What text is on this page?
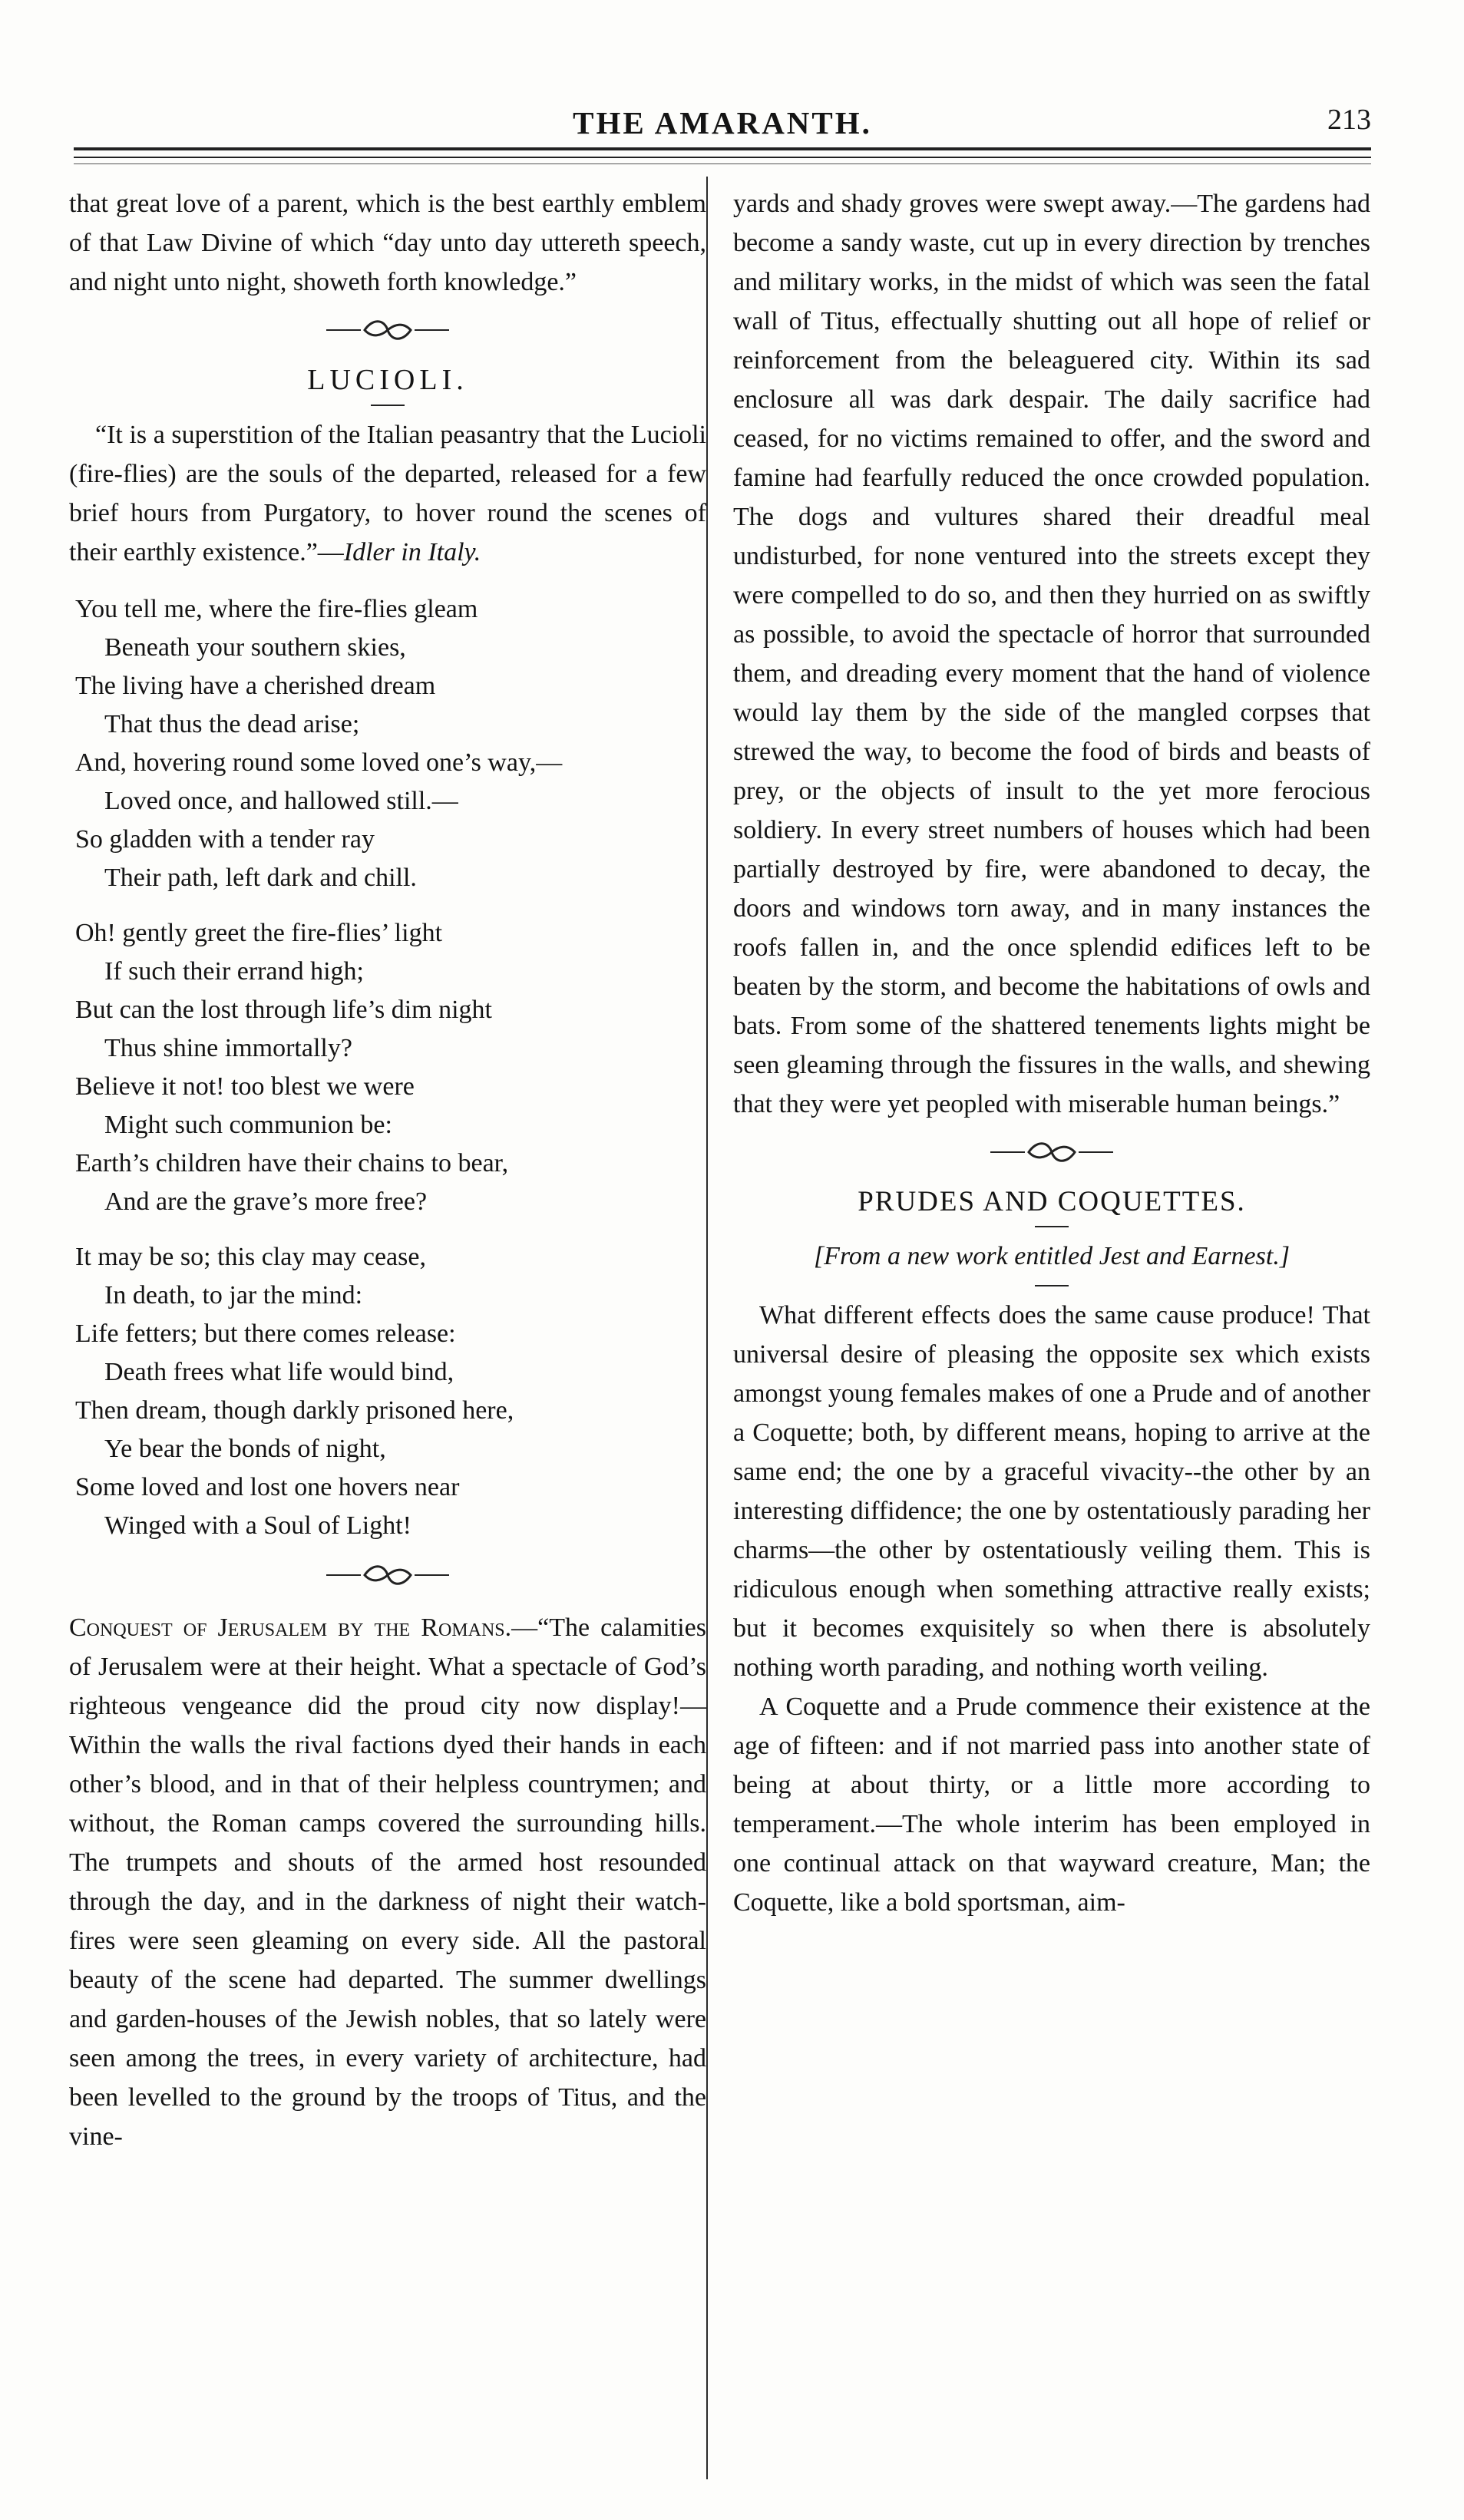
THE AMARANTH.	213

that great love of a parent, which is the best earthly emblem of that Law Divine of which “day unto day uttereth speech, and night unto night, showeth forth knowledge.”

LUCIOLI.

“It is a superstition of the Italian peasantry that the Lucioli (fire-flies) are the souls of the departed, released for a few brief hours from Purgatory, to hover round the scenes of their earthly existence.”—Idler in Italy.

You tell me, where the fire-flies gleam

Beneath your southern skies,

The living have a cherished dream

That thus the dead arise;

And, hovering round some loved one’s way,—

Loved once, and hallowed still.—

So gladden with a tender ray

Their path, left dark and chill.

Oh! gently greet the fire-flies’ light

If such their errand high;

But can the lost through life’s dim night

Thus shine immortally?

Believe it not! too blest we were

Might such communion be:

Earth’s children have their chains to bear,

And are the grave’s more free?

It may be so; this clay may cease,

In death, to jar the mind:

Life fetters; but there comes release:

Death frees what life would bind,

Then dream, though darkly prisoned here,

Ye bear the bonds of night,

Some loved and lost one hovers near

Winged with a Soul of Light!

Conquest of Jerusalem by the Romans.—“The calamities of Jerusalem were at their height. What a spectacle of God’s righteous vengeance did the proud city now display!—Within the walls the rival factions dyed their hands in each other’s blood, and in that of their helpless countrymen; and without, the Roman camps covered the surrounding hills. The trumpets and shouts of the armed host resounded through the day, and in the darkness of night their watch-fires were seen gleaming on every side. All the pastoral beauty of the scene had departed. The summer dwellings and garden-houses of the Jewish nobles, that so lately were seen among the trees, in every variety of architecture, had been levelled to the ground by the troops of Titus, and the vine-

yards and shady groves were swept away.—The gardens had become a sandy waste, cut up in every direction by trenches and military works, in the midst of which was seen the fatal wall of Titus, effectually shutting out all hope of relief or reinforcement from the beleaguered city. Within its sad enclosure all was dark despair. The daily sacrifice had ceased, for no victims remained to offer, and the sword and famine had fearfully reduced the once crowded population. The dogs and vultures shared their dreadful meal undisturbed, for none ventured into the streets except they were compelled to do so, and then they hurried on as swiftly as possible, to avoid the spectacle of horror that surrounded them, and dreading every moment that the hand of violence would lay them by the side of the mangled corpses that strewed the way, to become the food of birds and beasts of prey, or the objects of insult to the yet more ferocious soldiery. In every street numbers of houses which had been partially destroyed by fire, were abandoned to decay, the doors and windows torn away, and in many instances the roofs fallen in, and the once splendid edifices left to be beaten by the storm, and become the habitations of owls and bats. From some of the shattered tenements lights might be seen gleaming through the fissures in the walls, and shewing that they were yet peopled with miserable human beings.”

PRUDES AND COQUETTES.

[From a new work entitled Jest and Earnest.]

What different effects does the same cause produce! That universal desire of pleasing the opposite sex which exists amongst young females makes of one a Prude and of another a Coquette; both, by different means, hoping to arrive at the same end; the one by a graceful vivacity--the other by an interesting diffidence; the one by ostentatiously parading her charms—the other by ostentatiously veiling them. This is ridiculous enough when something attractive really exists; but it becomes exquisitely so when there is absolutely nothing worth parading, and nothing worth veiling.

A Coquette and a Prude commence their existence at the age of fifteen: and if not married pass into another state of being at about thirty, or a little more according to temperament.—The whole interim has been employed in one continual attack on that wayward creature, Man; the Coquette, like a bold sportsman, aim-
